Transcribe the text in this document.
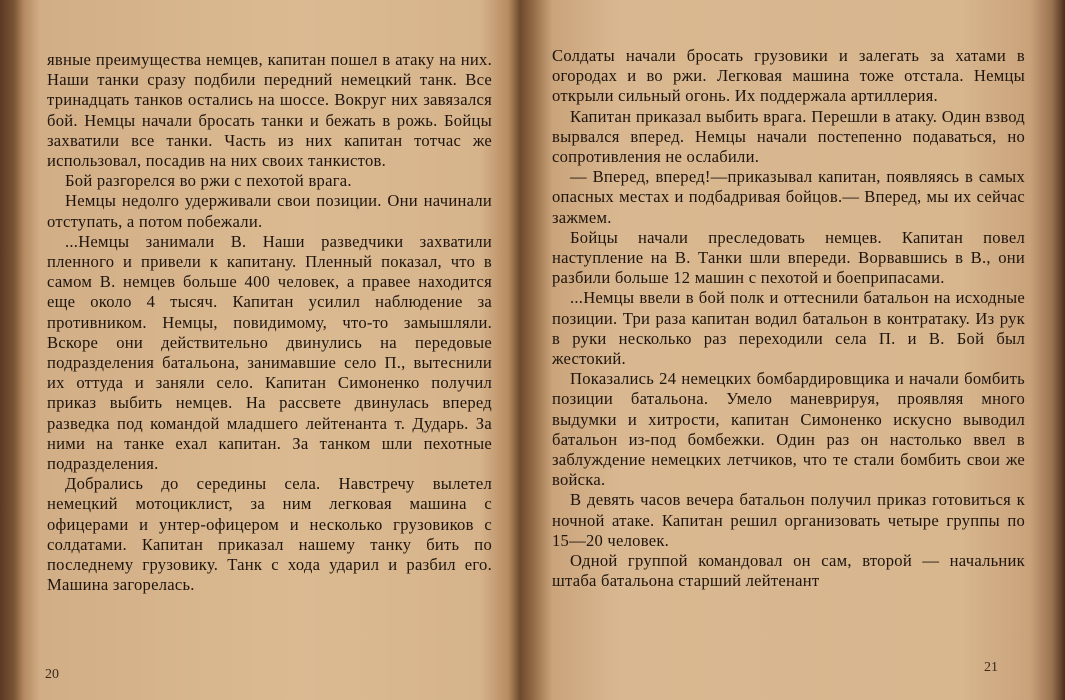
явные преимущества немцев, капитан пошел в атаку на них. Наши танки сразу подбили передний немецкий танк. Все тринадцать танков остались на шоссе. Вокруг них завязался бой. Немцы начали бросать танки и бежать в рожь. Бойцы захватили все танки. Часть из них капитан тотчас же использовал, посадив на них своих танкистов.

Бой разгорелся во ржи с пехотой врага.

Немцы недолго удерживали свои позиции. Они начинали отступать, а потом побежали.

...Немцы занимали В. Наши разведчики захватили пленного и привели к капитану. Пленный показал, что в самом В. немцев больше 400 человек, а правее находится еще около 4 тысяч. Капитан усилил наблюдение за противником. Немцы, повидимому, что-то замышляли. Вскоре они действительно двинулись на передовые подразделения батальона, занимавшие село П., вытеснили их оттуда и заняли село. Капитан Симоненко получил приказ выбить немцев. На рассвете двинулась вперед разведка под командой младшего лейтенанта т. Дударь. За ними на танке ехал капитан. За танком шли пехотные подразделения.

Добрались до середины села. Навстречу вылетел немецкий мотоциклист, за ним легковая машина с офицерами и унтер-офицером и несколько грузовиков с солдатами. Капитан приказал нашему танку бить по последнему грузовику. Танк с хода ударил и разбил его. Машина загорелась.

20

Солдаты начали бросать грузовики и залегать за хатами в огородах и во ржи. Легковая машина тоже отстала. Немцы открыли сильный огонь. Их поддержала артиллерия.

Капитан приказал выбить врага. Перешли в атаку. Один взвод вырвался вперед. Немцы начали постепенно подаваться, но сопротивления не ослабили.

— Вперед, вперед!—приказывал капитан, появляясь в самых опасных местах и подбадривая бойцов.— Вперед, мы их сейчас зажмем.

Бойцы начали преследовать немцев. Капитан повел наступление на В. Танки шли впереди. Ворвавшись в В., они разбили больше 12 машин с пехотой и боеприпасами.

...Немцы ввели в бой полк и оттеснили батальон на исходные позиции. Три раза капитан водил батальон в контратаку. Из рук в руки несколько раз переходили села П. и В. Бой был жестокий.

Показались 24 немецких бомбардировщика и начали бомбить позиции батальона. Умело маневрируя, проявляя много выдумки и хитрости, капитан Симоненко искусно выводил батальон из-под бомбежки. Один раз он настолько ввел в заблуждение немецких летчиков, что те стали бомбить свои же войска.

В девять часов вечера батальон получил приказ готовиться к ночной атаке. Капитан решил организовать четыре группы по 15—20 человек.

Одной группой командовал он сам, второй — начальник штаба батальона старший лейтенант

21
